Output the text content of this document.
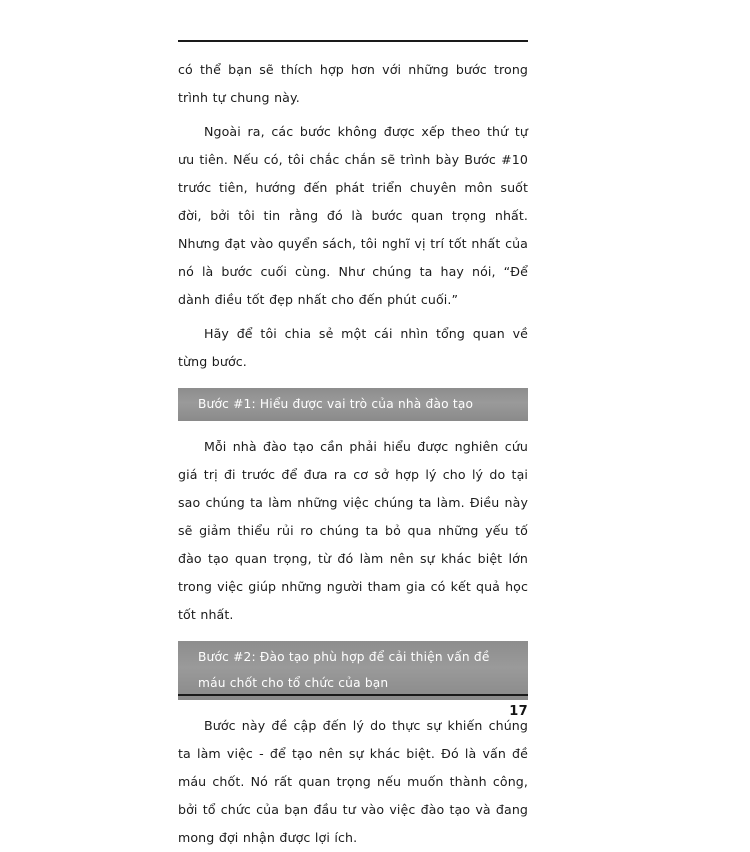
có thể bạn sẽ thích hợp hơn với những bước trong trình tự chung này.

Ngoài ra, các bước không được xếp theo thứ tự ưu tiên. Nếu có, tôi chắc chắn sẽ trình bày Bước #10 trước tiên, hướng đến phát triển chuyên môn suốt đời, bởi tôi tin rằng đó là bước quan trọng nhất. Nhưng đạt vào quyển sách, tôi nghĩ vị trí tốt nhất của nó là bước cuối cùng. Như chúng ta hay nói, “Để dành điều tốt đẹp nhất cho đến phút cuối.”

Hãy để tôi chia sẻ một cái nhìn tổng quan về từng bước.

Bước #1: Hiểu được vai trò của nhà đào tạo

Mỗi nhà đào tạo cần phải hiểu được nghiên cứu giá trị đi trước để đưa ra cơ sở hợp lý cho lý do tại sao chúng ta làm những việc chúng ta làm. Điều này sẽ giảm thiểu rủi ro chúng ta bỏ qua những yếu tố đào tạo quan trọng, từ đó làm nên sự khác biệt lớn trong việc giúp những người tham gia có kết quả học tốt nhất.

Bước #2: Đào tạo phù hợp để cải thiện vấn đề máu chốt cho tổ chức của bạn

Bước này đề cập đến lý do thực sự khiến chúng ta làm việc - để tạo nên sự khác biệt. Đó là vấn đề máu chốt. Nó rất quan trọng nếu muốn thành công, bởi tổ chức của bạn đầu tư vào việc đào tạo và đang mong đợi nhận được lợi ích.

17
